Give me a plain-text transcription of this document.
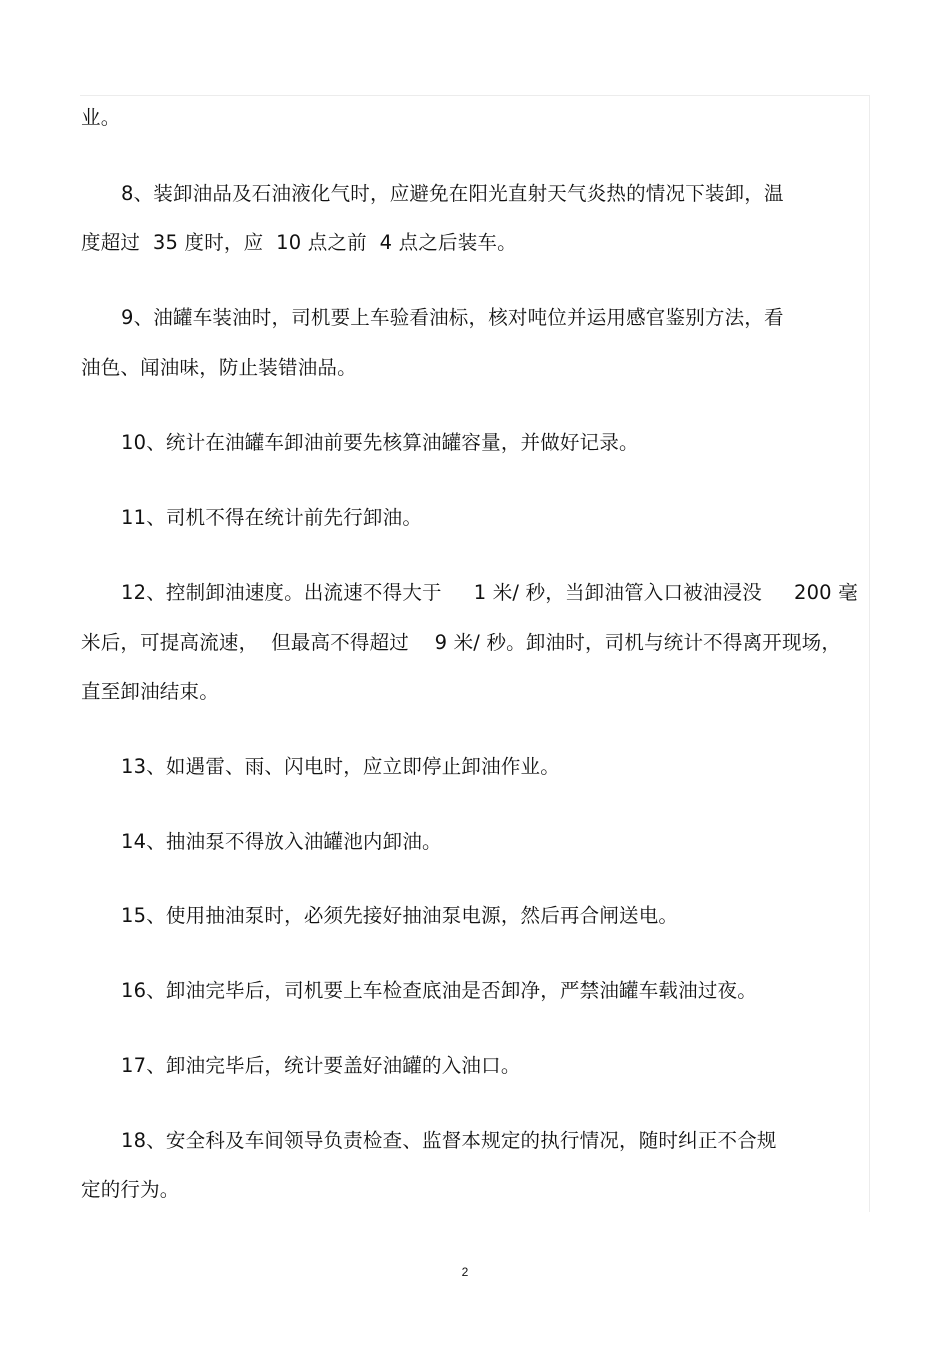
业。
8、装卸油品及石油液化气时，应避免在阳光直射天气炎热的情况下装卸，温
度超过  35 度时，应  10 点之前  4 点之后装车。
9、油罐车装油时，司机要上车验看油标，核对吨位并运用感官鉴别方法，看
油色、闻油味，防止装错油品。
10、统计在油罐车卸油前要先核算油罐容量，并做好记录。
11、司机不得在统计前先行卸油。
12、控制卸油速度。出流速不得大于     1 米/ 秒，当卸油管入口被油浸没     200 毫
米后，可提高流速，  但最高不得超过    9 米/ 秒。卸油时，司机与统计不得离开现场，
直至卸油结束。
13、如遇雷、雨、闪电时，应立即停止卸油作业。
14、抽油泵不得放入油罐池内卸油。
15、使用抽油泵时，必须先接好抽油泵电源，然后再合闸送电。
16、卸油完毕后，司机要上车检查底油是否卸净，严禁油罐车载油过夜。
17、卸油完毕后，统计要盖好油罐的入油口。
18、安全科及车间领导负责检查、监督本规定的执行情况，随时纠正不合规
定的行为。
2
